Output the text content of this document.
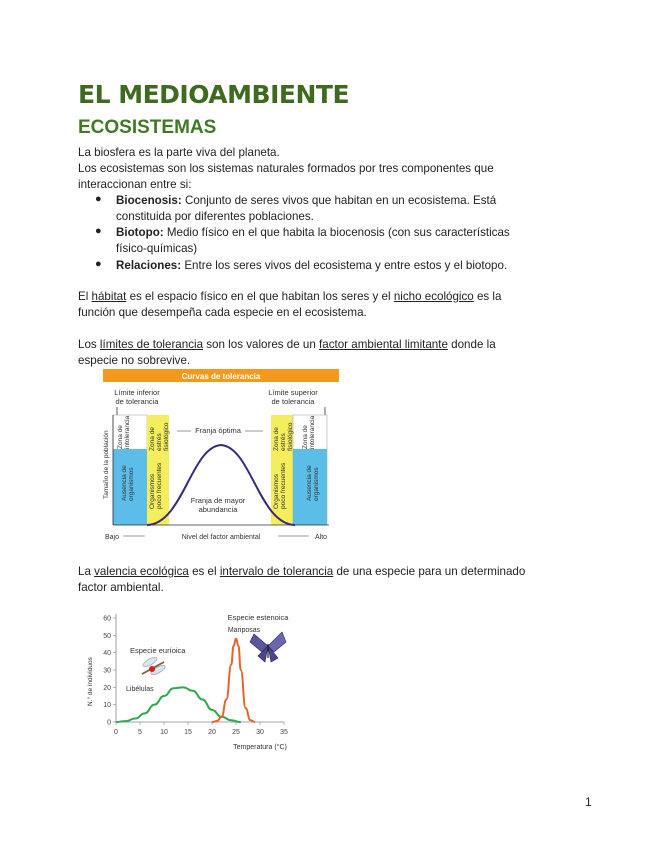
EL MEDIOAMBIENTE
ECOSISTEMAS
La biosfera es la parte viva del planeta.
Los ecosistemas son los sistemas naturales formados por tres componentes que
interaccionan entre si:
● Biocenosis: Conjunto de seres vivos que habitan en un ecosistema. Está
constituida por diferentes poblaciones.
● Biotopo: Medio físico en el que habita la biocenosis (con sus características
físico-químicas)
● Relaciones: Entre los seres vivos del ecosistema y entre estos y el biotopo.
El hábitat es el espacio físico en el que habitan los seres y el nicho ecológico es la
función que desempeña cada especie en el ecosistema.
Los límites de tolerancia son los valores de un factor ambiental limitante donde la
especie no sobrevive.
Curvas de tolerancia
Límite inferior
de tolerancia
Límite superior
de tolerancia
Franja óptima
Franja de mayor
abundancia
Zona de intolerancia	Zona de estrés fisiológico
Ausencia de organismos Organismos poco frecuentes
Zona de estrés fisiológico Zona de intolerancia
Organismos poco frecuentes	Ausencia de organismos
Tamaño de la población
Bajo	Nivel del factor ambiental	Alto
La valencia ecológica es el intervalo de tolerancia de una especie para un determinado
factor ambiental.
0
10
20
30
40
50
60
0	5	10 15 20 25 30 35
Especie estenoica
Mariposas
Especie euríoica
Libélulas
N.° de individuos
Temperatura (°C)
1
